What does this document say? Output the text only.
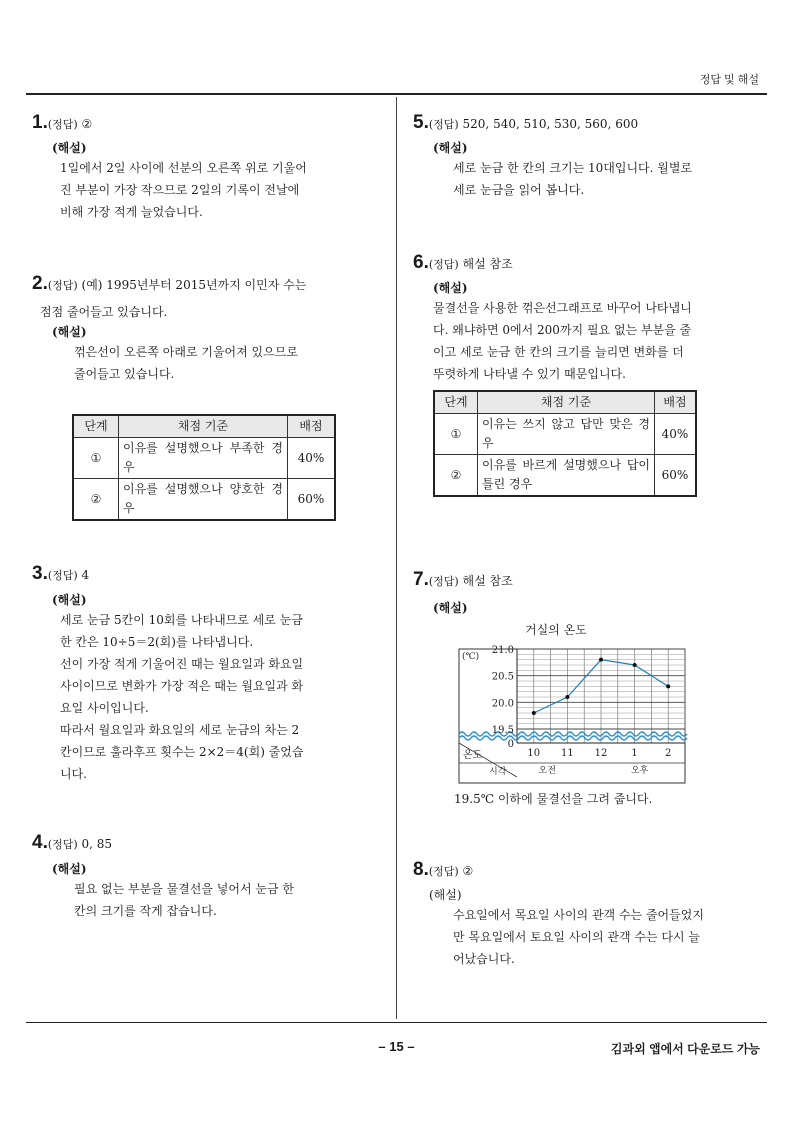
정답 및 해설
1.(정답) ②
(해설)
1일에서 2일 사이에 선분의 오른쪽 위로 기울어
진 부분이 가장 작으므로 2일의 기록이 전날에
비해 가장 적게 늘었습니다.
2.(정답) (예) 1995년부터 2015년까지 이민자 수는
점점 줄어들고 있습니다.
(해설)
꺾은선이 오른쪽 아래로 기울어져 있으므로
줄어들고 있습니다.
단계	채점 기준	배점
①	이유를 설명했으나 부족한 경우	40%
②	이유를 설명했으나 양호한 경우	60%
3.(정답) 4
(해설)
세로 눈금 5칸이 10회를 나타내므로 세로 눈금
한 칸은 10÷5＝2(회)를 나타냅니다.
선이 가장 적게 기울어진 때는 월요일과 화요일
사이이므로 변화가 가장 적은 때는 월요일과 화
요일 사이입니다.
따라서 월요일과 화요일의 세로 눈금의 차는 2
칸이므로 훌라후프 횟수는 2×2＝4(회) 줄었습
니다.
4.(정답) 0, 85
(해설)
필요 없는 부분을 물결선을 넣어서 눈금 한
칸의 크기를 작게 잡습니다.
5.(정답) 520, 540, 510, 530, 560, 600
(해설)
세로 눈금 한 칸의 크기는 10대입니다. 월별로
세로 눈금을 읽어 봅니다.
6.(정답) 해설 참조
(해설)
물결선을 사용한 꺾은선그래프로 바꾸어 나타냅니
다. 왜냐하면 0에서 200까지 필요 없는 부분을 줄
이고 세로 눈금 한 칸의 크기를 늘리면 변화를 더
뚜렷하게 나타낼 수 있기 때문입니다.
단계	채점 기준	배점
①	이유는 쓰지 않고 답만 맞은 경우	40%
②	이유를 바르게 설명했으나 답이 틀린 경우	60%
7.(정답) 해설 참조
(해설)
거실의 온도
21.0
20.5
20.0
19.5
0
(℃)
온도
시각
10 11 12 1	2
오전	오후
19.5℃ 이하에 물결선을 그려 줍니다.
8.(정답) ②
(해설)
수요일에서 목요일 사이의 관객 수는 줄어들었지
만 목요일에서 토요일 사이의 관객 수는 다시 늘
어났습니다.
– 15 –	김과외 앱에서 다운로드 가능
